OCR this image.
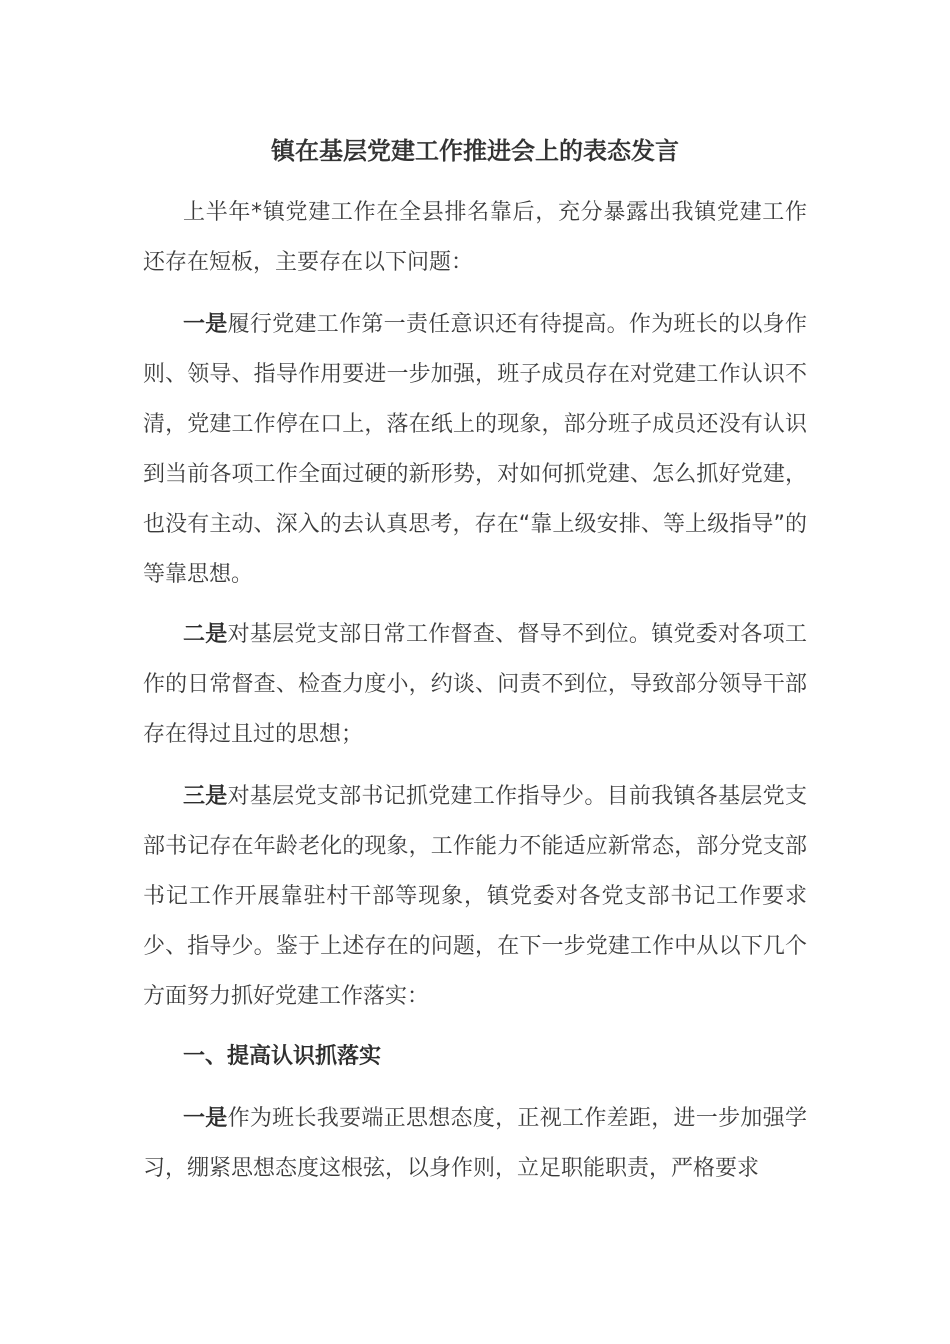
镇在基层党建工作推进会上的表态发言

上半年*镇党建工作在全县排名靠后，充分暴露出我镇党建工作还存在短板，主要存在以下问题：

一是履行党建工作第一责任意识还有待提高。作为班长的以身作则、领导、指导作用要进一步加强，班子成员存在对党建工作认识不清，党建工作停在口上，落在纸上的现象，部分班子成员还没有认识到当前各项工作全面过硬的新形势，对如何抓党建、怎么抓好党建，也没有主动、深入的去认真思考，存在“靠上级安排、等上级指导”的等靠思想。

二是对基层党支部日常工作督查、督导不到位。镇党委对各项工作的日常督查、检查力度小，约谈、问责不到位，导致部分领导干部存在得过且过的思想；

三是对基层党支部书记抓党建工作指导少。目前我镇各基层党支部书记存在年龄老化的现象，工作能力不能适应新常态，部分党支部书记工作开展靠驻村干部等现象，镇党委对各党支部书记工作要求少、指导少。鉴于上述存在的问题，在下一步党建工作中从以下几个方面努力抓好党建工作落实：

一、提高认识抓落实

一是作为班长我要端正思想态度，正视工作差距，进一步加强学习，绷紧思想态度这根弦，以身作则，立足职能职责，严格要求
